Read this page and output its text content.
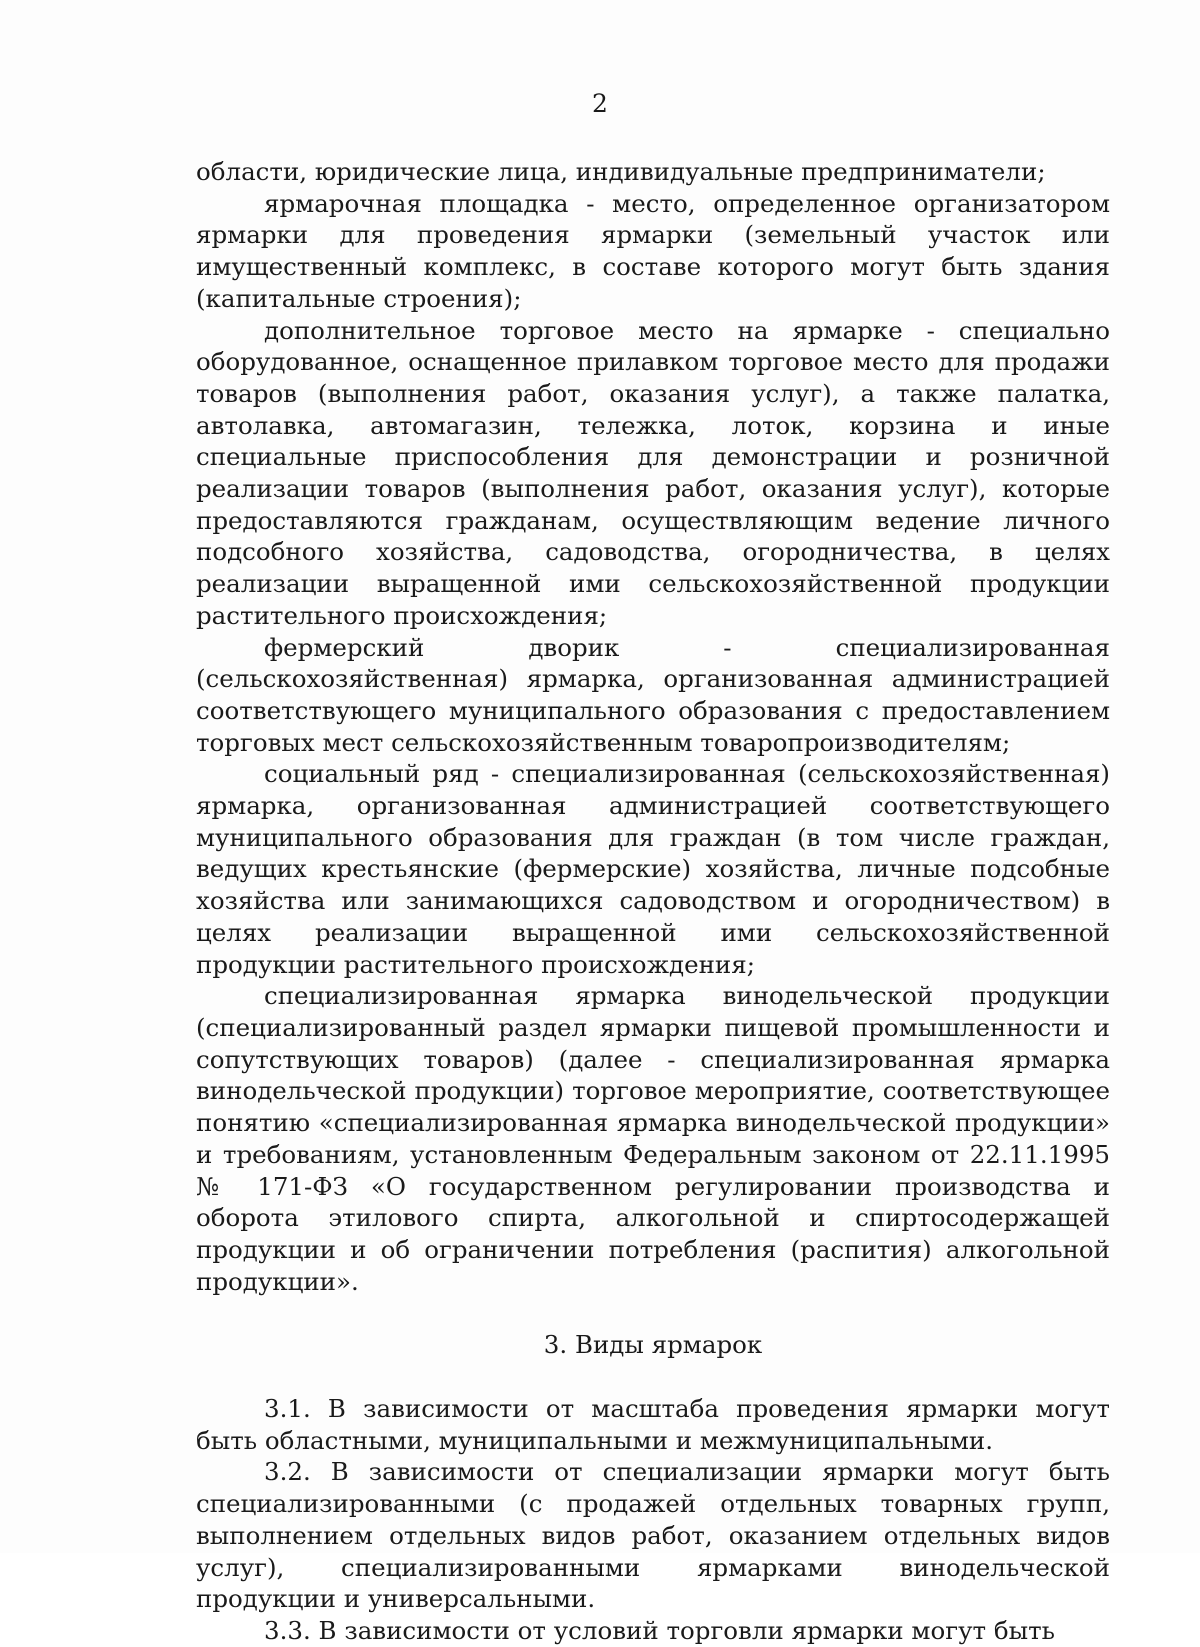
2

области, юридические лица, индивидуальные предприниматели;

ярмарочная площадка - место, определенное организатором ярмарки для проведения ярмарки (земельный участок или имущественный комплекс, в составе которого могут быть здания (капитальные строения);

дополнительное торговое место на ярмарке - специально оборудованное, оснащенное прилавком торговое место для продажи товаров (выполнения работ, оказания услуг), а также палатка, автолавка, автомагазин, тележка, лоток, корзина и иные специальные приспособления для демонстрации и розничной реализации товаров (выполнения работ, оказания услуг), которые предоставляются гражданам, осуществляющим ведение личного подсобного хозяйства, садоводства, огородничества, в целях реализации выращенной ими сельскохозяйственной продукции растительного происхождения;

фермерский дворик - специализированная (сельскохозяйственная) ярмарка, организованная администрацией соответствующего муниципального образования с предоставлением торговых мест сельскохозяйственным товаропроизводителям;

социальный ряд - специализированная (сельскохозяйственная) ярмарка, организованная администрацией соответствующего муниципального образования для граждан (в том числе граждан, ведущих крестьянские (фермерские) хозяйства, личные подсобные хозяйства или занимающихся садоводством и огородничеством) в целях реализации выращенной ими сельскохозяйственной продукции растительного происхождения;

специализированная ярмарка винодельческой продукции (специализированный раздел ярмарки пищевой промышленности и сопутствующих товаров) (далее - специализированная ярмарка винодельческой продукции) торговое мероприятие, соответствующее понятию «специализированная ярмарка винодельческой продукции» и требованиям, установленным Федеральным законом от 22.11.1995 № 171-ФЗ «О государственном регулировании производства и оборота этилового спирта, алкогольной и спиртосодержащей продукции и об ограничении потребления (распития) алкогольной продукции».

3. Виды ярмарок

3.1. В зависимости от масштаба проведения ярмарки могут быть областными, муниципальными и межмуниципальными.

3.2. В зависимости от специализации ярмарки могут быть специализированными (с продажей отдельных товарных групп, выполнением отдельных видов работ, оказанием отдельных видов услуг), специализированными ярмарками винодельческой продукции и универсальными.

3.3. В зависимости от условий торговли ярмарки могут быть
